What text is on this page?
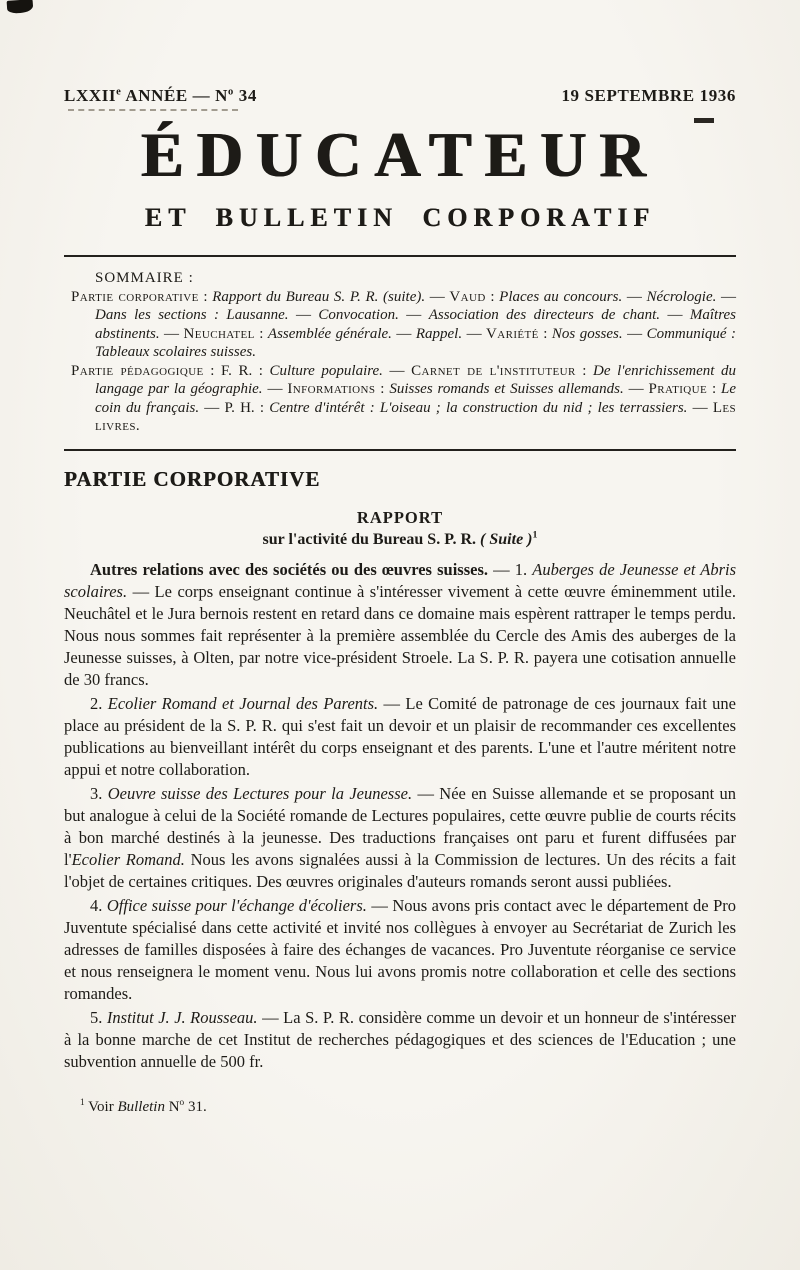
LXXIIe ANNÉE — $N^o$ 34	19 SEPTEMBRE 1936
ÉDUCATEUR
ET BULLETIN CORPORATIF
SOMMAIRE :

Partie corporative : Rapport du Bureau S. P. R. (suite). — Vaud : Places au concours. — Nécrologie. — Dans les sections : Lausanne. — Convocation. — Association des directeurs de chant. — Maîtres abstinents. — Neuchatel : Assemblée générale. — Rappel. — Variété : Nos gosses. — Communiqué : Tableaux scolaires suisses.

Partie pédagogique : F. R. : Culture populaire. — Carnet de l'instituteur : De l'enrichissement du langage par la géographie. — Informations : Suisses romands et Suisses allemands. — Pratique : Le coin du français. — P. H. : Centre d'intérêt : L'oiseau ; la construction du nid ; les terrassiers. — Les livres.

PARTIE CORPORATIVE
RAPPORT
sur l'activité du Bureau S. P. R. ( Suite )$^1$

Autres relations avec des sociétés ou des œuvres suisses. — 1. Auberges de Jeunesse et Abris scolaires. — Le corps enseignant continue à s'intéresser vivement à cette œuvre éminemment utile. Neuchâtel et le Jura bernois restent en retard dans ce domaine mais espèrent rattraper le temps perdu. Nous nous sommes fait représenter à la première assemblée du Cercle des Amis des auberges de la Jeunesse suisses, à Olten, par notre vice-président Stroele. La S. P. R. payera une cotisation annuelle de 30 francs.

2. Ecolier Romand et Journal des Parents. — Le Comité de patronage de ces journaux fait une place au président de la S. P. R. qui s'est fait un devoir et un plaisir de recommander ces excellentes publications au bienveillant intérêt du corps enseignant et des parents. L'une et l'autre méritent notre appui et notre collaboration.

3. Oeuvre suisse des Lectures pour la Jeunesse. — Née en Suisse allemande et se proposant un but analogue à celui de la Société romande de Lectures populaires, cette œuvre publie de courts récits à bon marché destinés à la jeunesse. Des traductions françaises ont paru et furent diffusées par l'Ecolier Romand. Nous les avons signalées aussi à la Commission de lectures. Un des récits a fait l'objet de certaines critiques. Des œuvres originales d'auteurs romands seront aussi publiées.

4. Office suisse pour l'échange d'écoliers. — Nous avons pris contact avec le département de Pro Juventute spécialisé dans cette activité et invité nos collègues à envoyer au Secrétariat de Zurich les adresses de familles disposées à faire des échanges de vacances. Pro Juventute réorganise ce service et nous renseignera le moment venu. Nous lui avons promis notre collaboration et celle des sections romandes.

5. Institut J. J. Rousseau. — La S. P. R. considère comme un devoir et un honneur de s'intéresser à la bonne marche de cet Institut de recherches pédagogiques et des sciences de l'Education ; une subvention annuelle de 500 fr.

$^1$ Voir Bulletin $N^o$ 31.
